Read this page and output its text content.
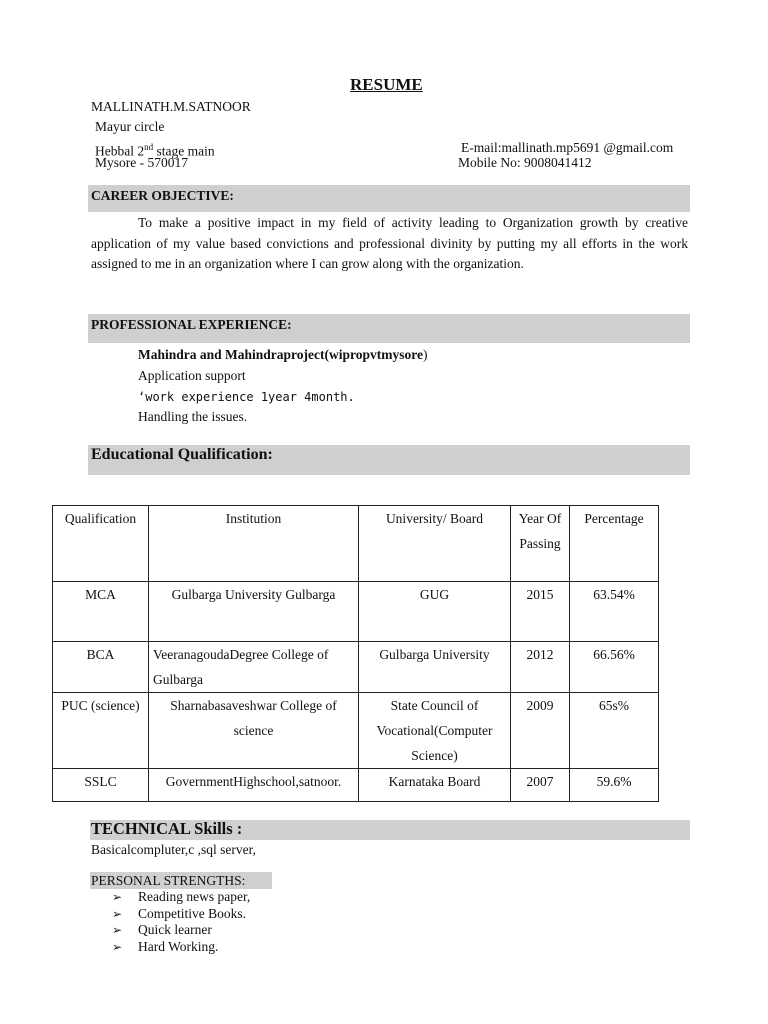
RESUME
MALLINATH.M.SATNOOR
Mayur circle
Hebbal 2nd stage main
Mysore - 570017
E-mail:mallinath.mp5691 @gmail.com
Mobile No: 9008041412
CAREER OBJECTIVE:
To make a positive impact in my field of activity leading to Organization growth by creative application of my value based convictions and professional divinity by putting my all efforts in the work assigned to me in an organization where I can grow along with the organization.
PROFESSIONAL EXPERIENCE:
Mahindra and Mahindraproject(wipropvtmysore)
Application support
‘work experience 1year 4month.
Handling the issues.
Educational Qualification:
Qualification	Institution	University/ Board	Year Of Passing	Percentage
MCA	Gulbarga University Gulbarga	GUG	2015	63.54%
BCA	VeeranagoudaDegree College of Gulbarga	Gulbarga University	2012	66.56%
PUC (science)	Sharnabasaveshwar College of science	State Council of Vocational(Computer Science)	2009	65s%
SSLC	GovernmentHighschool,satnoor.	Karnataka Board	2007	59.6%
TECHNICAL Skills :
Basicalcompluter,c ,sql server,
PERSONAL STRENGTHS:
➢ Reading news paper,
➢ Competitive Books.
➢ Quick learner
➢ Hard Working.
